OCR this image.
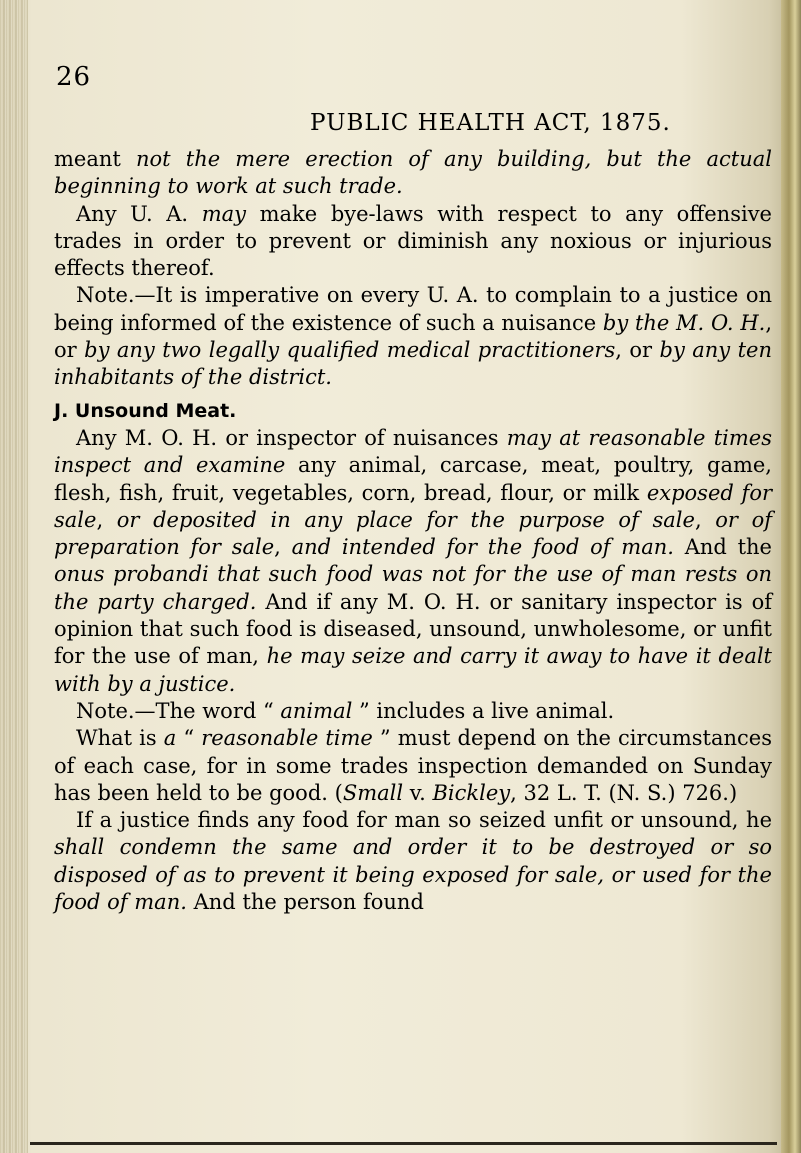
26
PUBLIC HEALTH ACT, 1875.

meant not the mere erection of any building, but the actual beginning to work at such trade.

Any U. A. may make bye-laws with respect to any offensive trades in order to prevent or diminish any noxious or injurious effects thereof.

Note.—It is imperative on every U. A. to complain to a justice on being informed of the existence of such a nuisance by the M. O. H., or by any two legally qualified medical practitioners, or by any ten inhabitants of the district.

J. Unsound Meat.

Any M. O. H. or inspector of nuisances may at reasonable times inspect and examine any animal, carcase, meat, poultry, game, flesh, fish, fruit, vegetables, corn, bread, flour, or milk exposed for sale, or deposited in any place for the purpose of sale, or of preparation for sale, and intended for the food of man. And the onus probandi that such food was not for the use of man rests on the party charged. And if any M. O. H. or sanitary inspector is of opinion that such food is diseased, unsound, unwholesome, or unfit for the use of man, he may seize and carry it away to have it dealt with by a justice.

Note.—The word “ animal ” includes a live animal.

What is a “ reasonable time ” must depend on the circumstances of each case, for in some trades inspection demanded on Sunday has been held to be good. (Small v. Bickley, 32 L. T. (N. S.) 726.)

If a justice finds any food for man so seized unfit or unsound, he shall condemn the same and order it to be destroyed or so disposed of as to prevent it being exposed for sale, or used for the food of man. And the person found
